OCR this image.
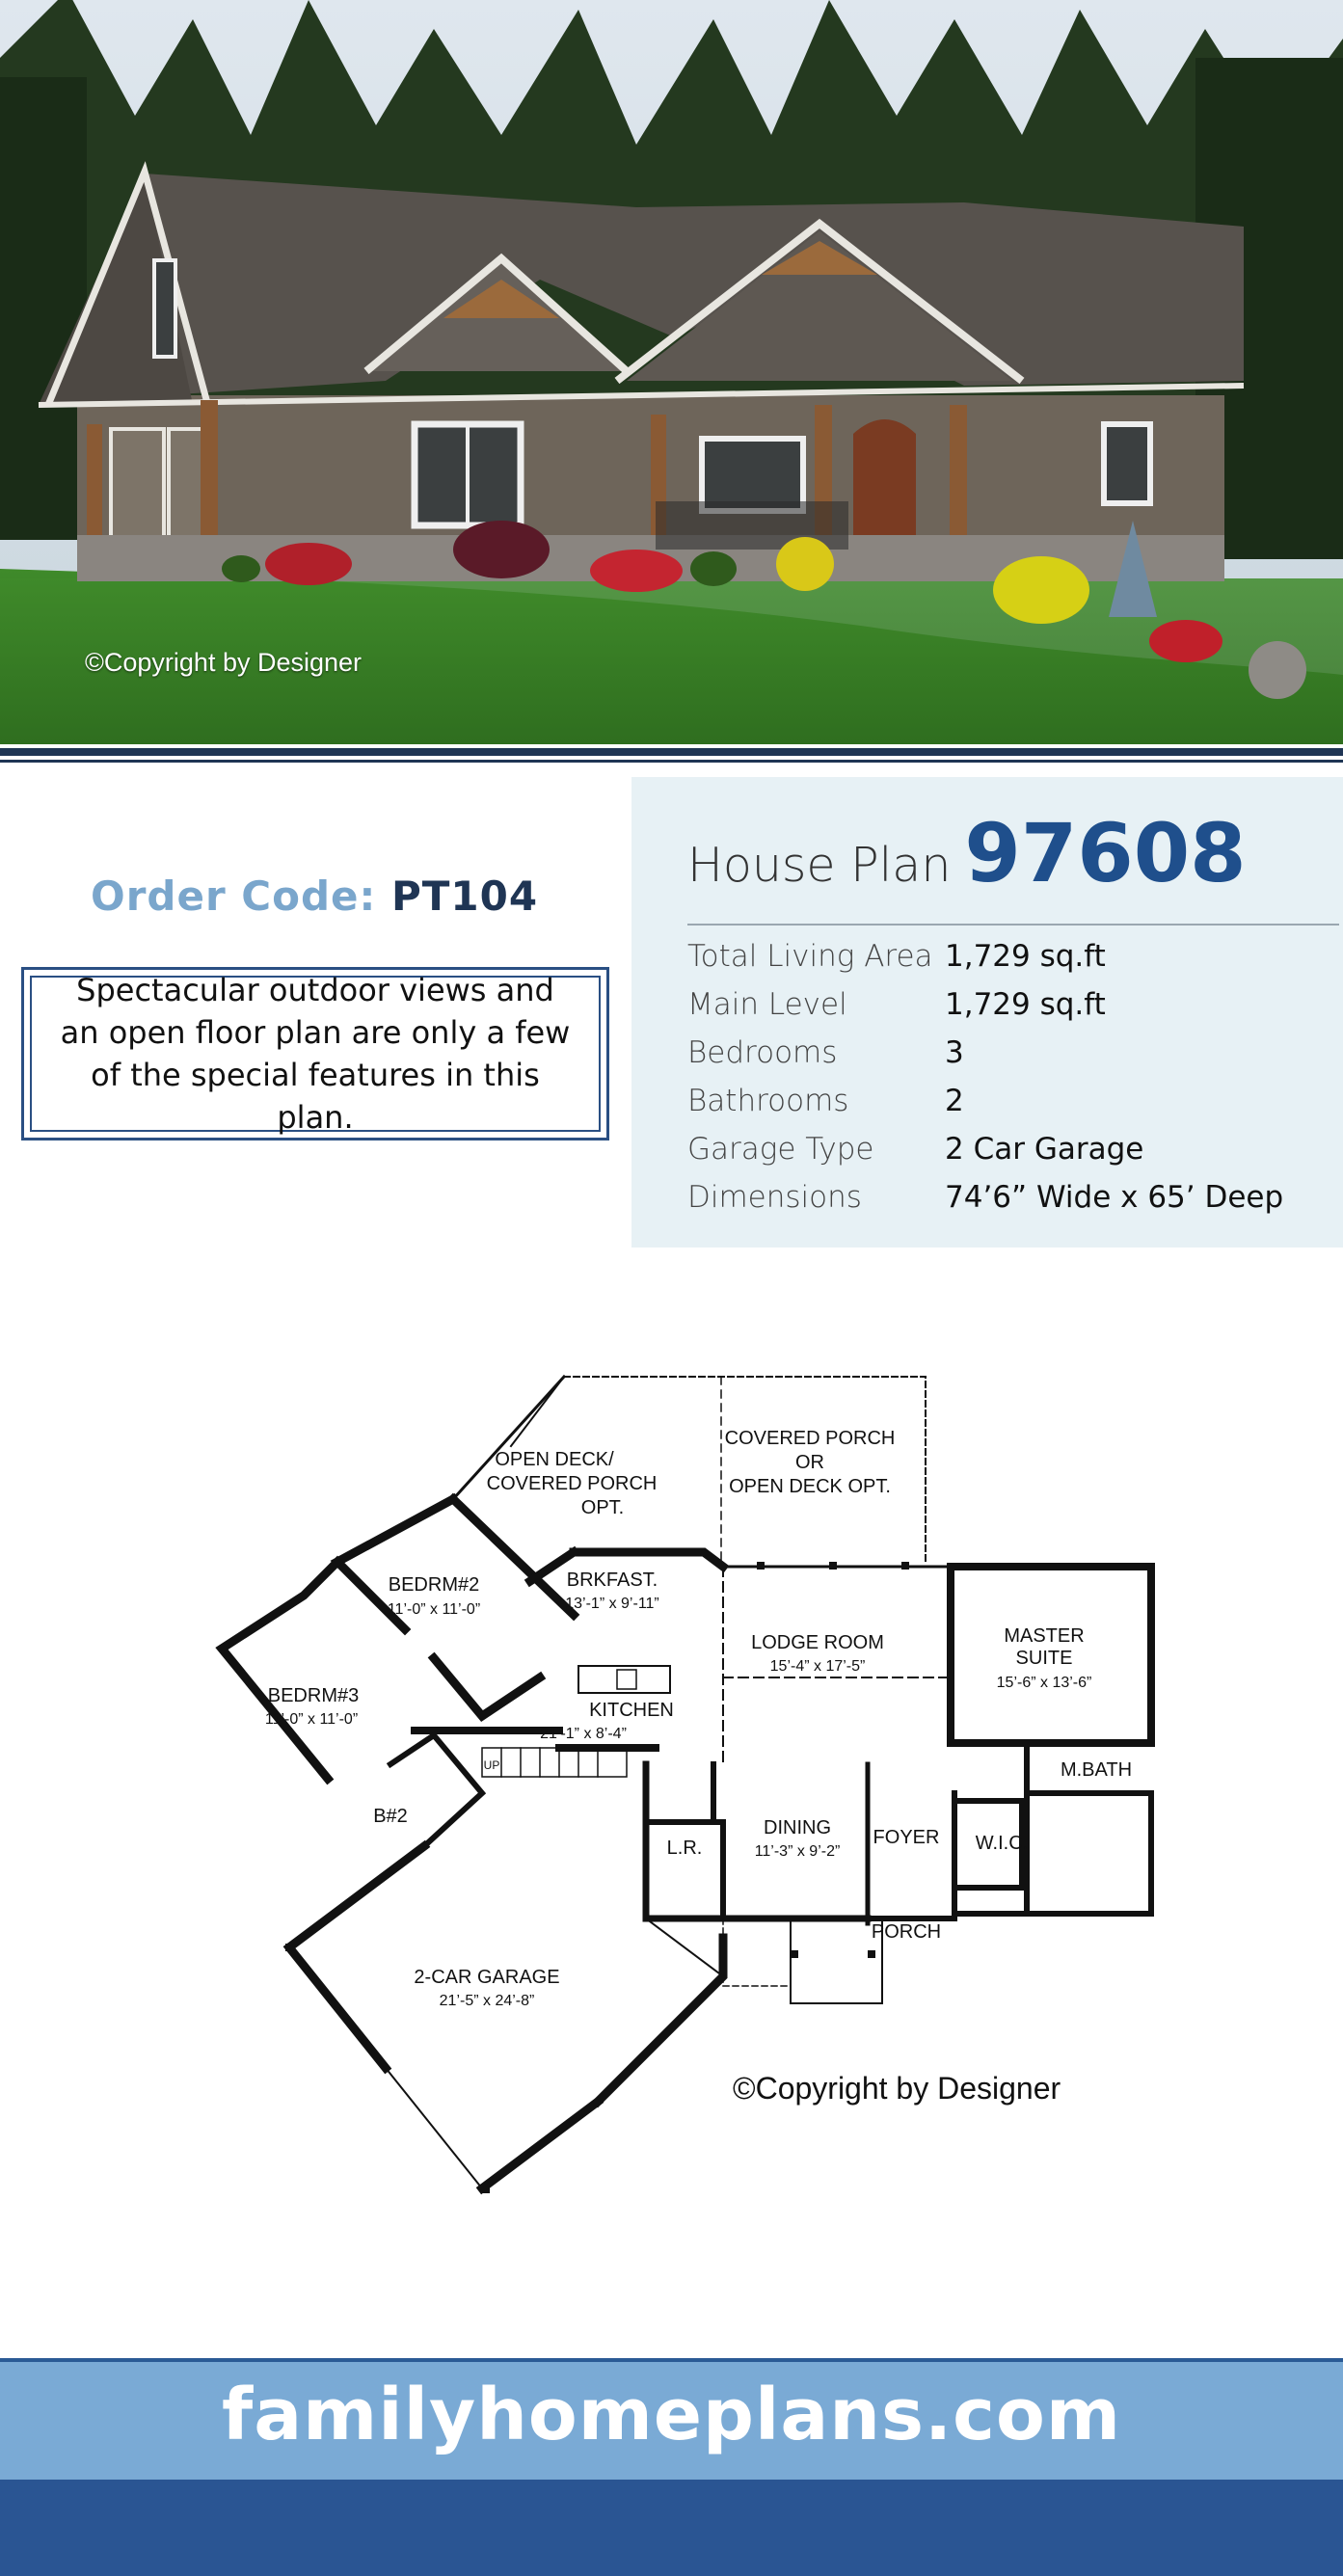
©Copyright by Designer
Order Code: PT104
Spectacular outdoor views and an open floor plan are only a few of the special features in this plan.
House Plan 97608
Total Living Area 1,729 sq.ft
Main Level	1,729 sq.ft
Bedrooms	3
Bathrooms	2
Garage Type 2 Car Garage
Dimensions	74’6” Wide x 65’ Deep
OPEN DECK/
COVERED PORCH
OPT.
COVERED PORCH
OR
OPEN DECK OPT.
BEDRM#2
11’-0” x 11’-0”
BRKFAST.
13’-1” x 9’-11”
LODGE ROOM
15’-4” x 17’-5”
MASTER
SUITE
15’-6” x 13’-6”
BEDRM#3
11’-0” x 11’-0”	KITCHEN
21’-1” x 8’-4”
M.BATH
B#2
UP
L.R.
DINING
11’-3” x 9’-2”
FOYER W.I.C.
PORCH
2-CAR GARAGE
21’-5” x 24’-8”
©Copyright by Designer
familyhomeplans.com
